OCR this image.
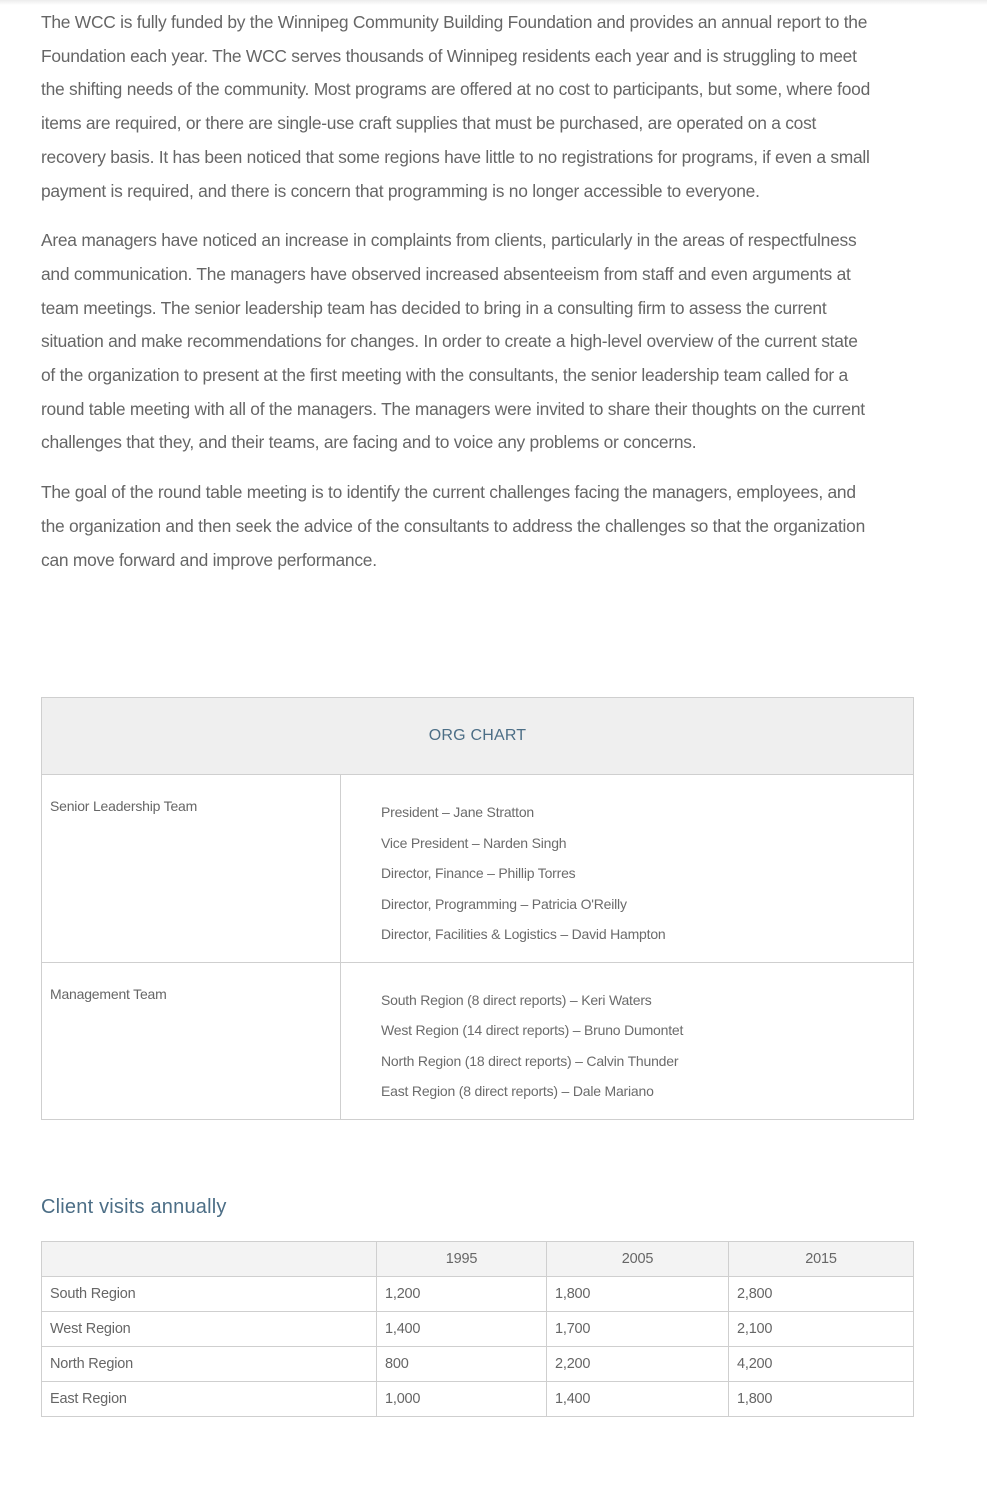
The WCC is fully funded by the Winnipeg Community Building Foundation and provides an annual report to the Foundation each year. The WCC serves thousands of Winnipeg residents each year and is struggling to meet the shifting needs of the community. Most programs are offered at no cost to participants, but some, where food items are required, or there are single-use craft supplies that must be purchased, are operated on a cost recovery basis. It has been noticed that some regions have little to no registrations for programs, if even a small payment is required, and there is concern that programming is no longer accessible to everyone.

Area managers have noticed an increase in complaints from clients, particularly in the areas of respectfulness and communication. The managers have observed increased absenteeism from staff and even arguments at team meetings. The senior leadership team has decided to bring in a consulting firm to assess the current situation and make recommendations for changes. In order to create a high-level overview of the current state of the organization to present at the first meeting with the consultants, the senior leadership team called for a round table meeting with all of the managers. The managers were invited to share their thoughts on the current challenges that they, and their teams, are facing and to voice any problems or concerns.

The goal of the round table meeting is to identify the current challenges facing the managers, employees, and the organization and then seek the advice of the consultants to address the challenges so that the organization can move forward and improve performance.

ORG CHART	
Senior Leadership Team	President – Jane Stratton
Vice President – Narden Singh
Director, Finance – Phillip Torres
Director, Programming – Patricia O'Reilly
Director, Facilities & Logistics – David Hampton

Management Team	South Region (8 direct reports) – Keri Waters
West Region (14 direct reports) – Bruno Dumontet
North Region (18 direct reports) – Calvin Thunder
East Region (8 direct reports) – Dale Mariano
Client visits annually
	1995	2005	2015
South Region	1,200	1,800	2,800
West Region	1,400	1,700	2,100
North Region	800	2,200	4,200
East Region	1,000	1,400	1,800
